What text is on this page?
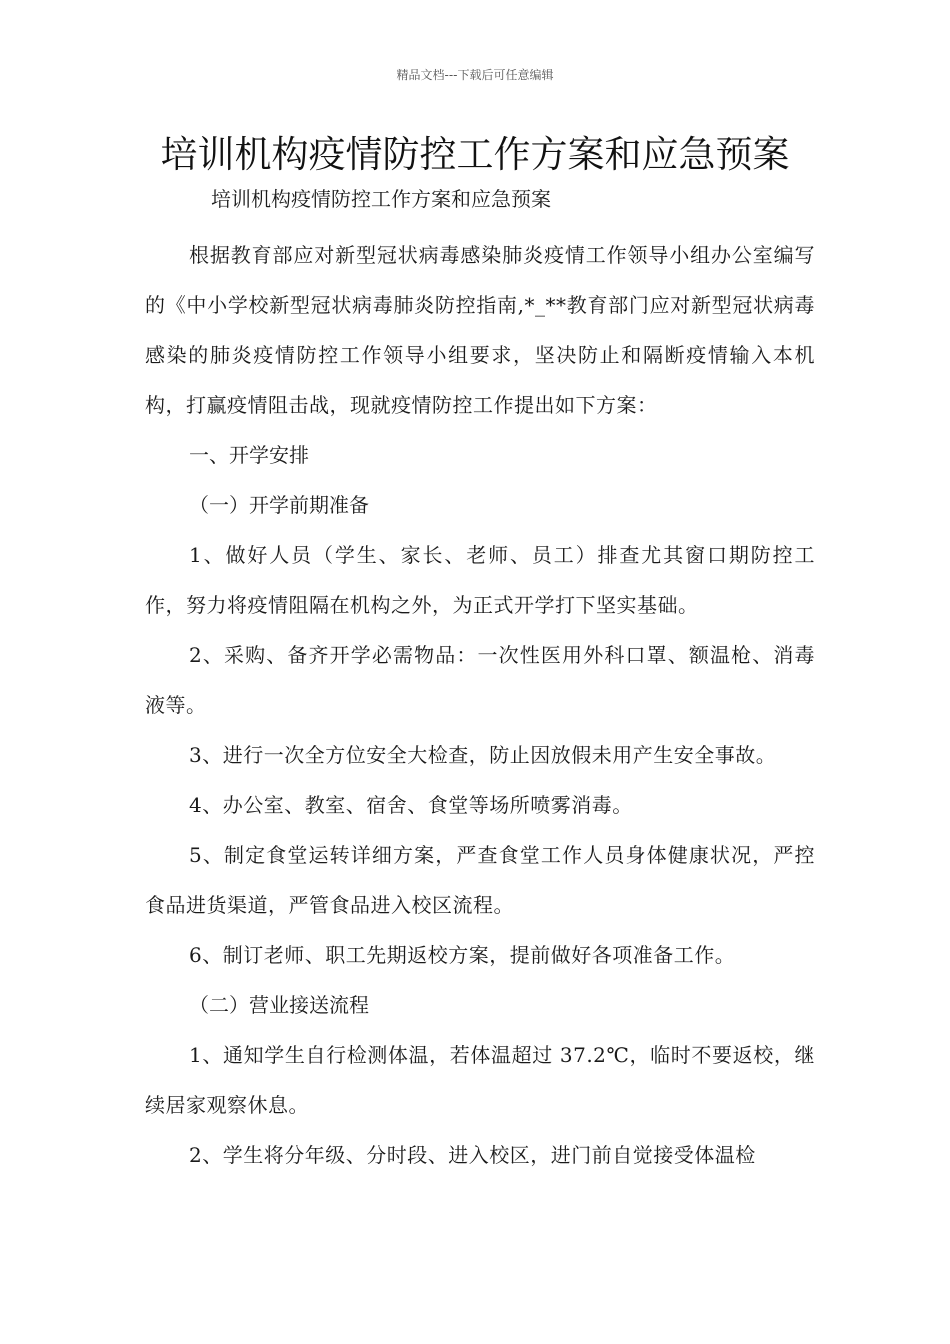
精品文档---下载后可任意编辑
培训机构疫情防控工作方案和应急预案
培训机构疫情防控工作方案和应急预案

根据教育部应对新型冠状病毒感染肺炎疫情工作领导小组办公室编写的《中小学校新型冠状病毒肺炎防控指南,*_**教育部门应对新型冠状病毒感染的肺炎疫情防控工作领导小组要求，坚决防止和隔断疫情输入本机构，打赢疫情阻击战，现就疫情防控工作提出如下方案：

一、开学安排

（一）开学前期准备

1、做好人员（学生、家长、老师、员工）排查尤其窗口期防控工作，努力将疫情阻隔在机构之外，为正式开学打下坚实基础。

2、采购、备齐开学必需物品：一次性医用外科口罩、额温枪、消毒液等。

3、进行一次全方位安全大检查，防止因放假未用产生安全事故。

4、办公室、教室、宿舍、食堂等场所喷雾消毒。

5、制定食堂运转详细方案，严查食堂工作人员身体健康状况，严控食品进货渠道，严管食品进入校区流程。

6、制订老师、职工先期返校方案，提前做好各项准备工作。

（二）营业接送流程

1、通知学生自行检测体温，若体温超过 37.2℃，临时不要返校，继续居家观察休息。

2、学生将分年级、分时段、进入校区，进门前自觉接受体温检
